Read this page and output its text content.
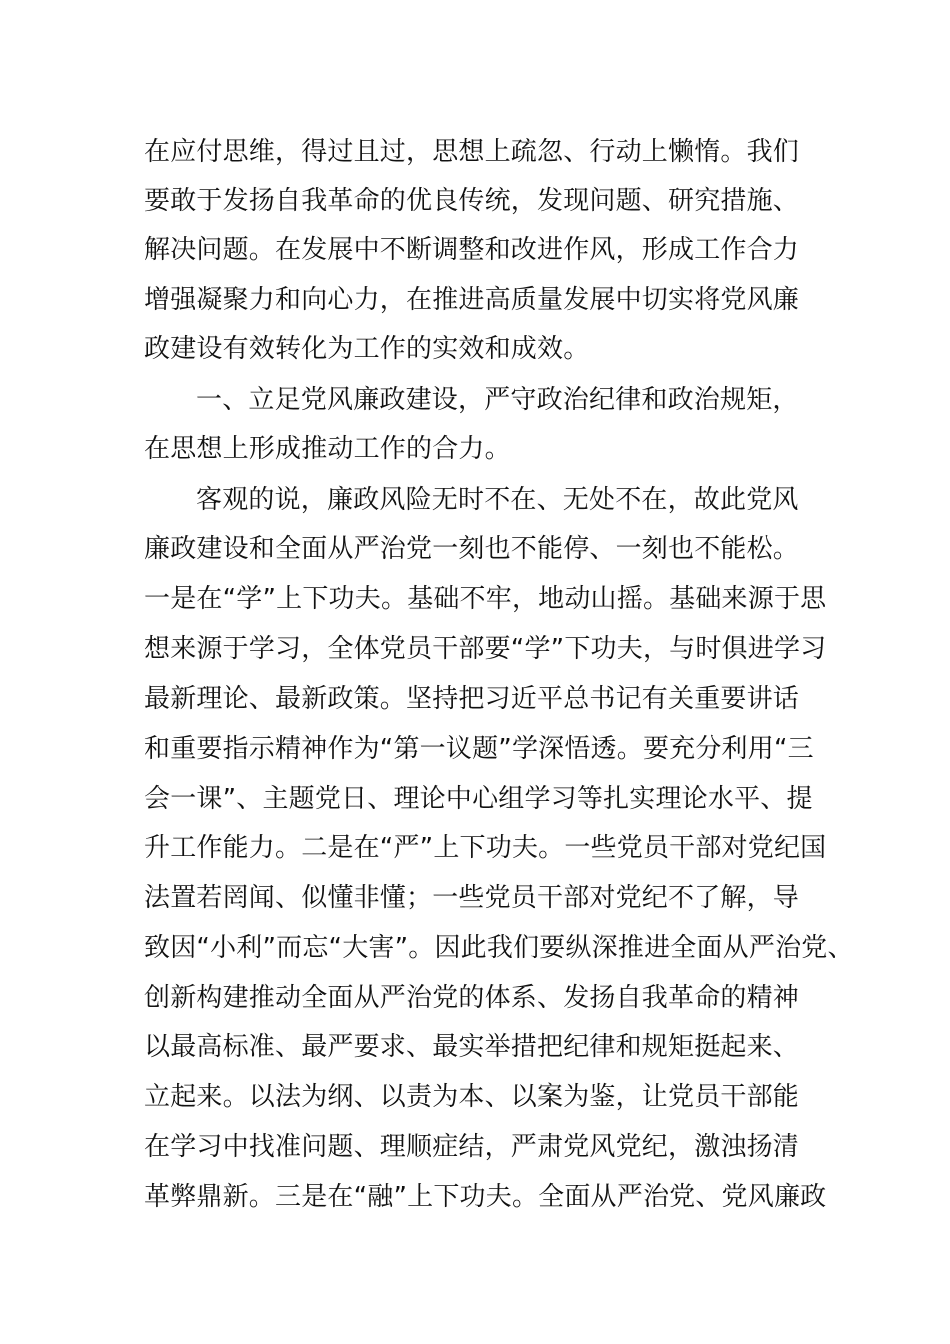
在应付思维，得过且过，思想上疏忽、行动上懒惰。我们
要敢于发扬自我革命的优良传统，发现问题、研究措施、
解决问题。在发展中不断调整和改进作风，形成工作合力
增强凝聚力和向心力，在推进高质量发展中切实将党风廉
政建设有效转化为工作的实效和成效。
一、立足党风廉政建设，严守政治纪律和政治规矩，
在思想上形成推动工作的合力。
客观的说，廉政风险无时不在、无处不在，故此党风
廉政建设和全面从严治党一刻也不能停、一刻也不能松。
一是在“学”上下功夫。基础不牢，地动山摇。基础来源于思
想来源于学习，全体党员干部要“学”下功夫，与时俱进学习
最新理论、最新政策。坚持把习近平总书记有关重要讲话
和重要指示精神作为“第一议题”学深悟透。要充分利用“三
会一课”、主题党日、理论中心组学习等扎实理论水平、提
升工作能力。二是在“严”上下功夫。一些党员干部对党纪国
法置若罔闻、似懂非懂；一些党员干部对党纪不了解，导
致因“小利”而忘“大害”。因此我们要纵深推进全面从严治党、
创新构建推动全面从严治党的体系、发扬自我革命的精神
以最高标准、最严要求、最实举措把纪律和规矩挺起来、
立起来。以法为纲、以责为本、以案为鉴，让党员干部能
在学习中找准问题、理顺症结，严肃党风党纪，激浊扬清
革弊鼎新。三是在“融”上下功夫。全面从严治党、党风廉政
